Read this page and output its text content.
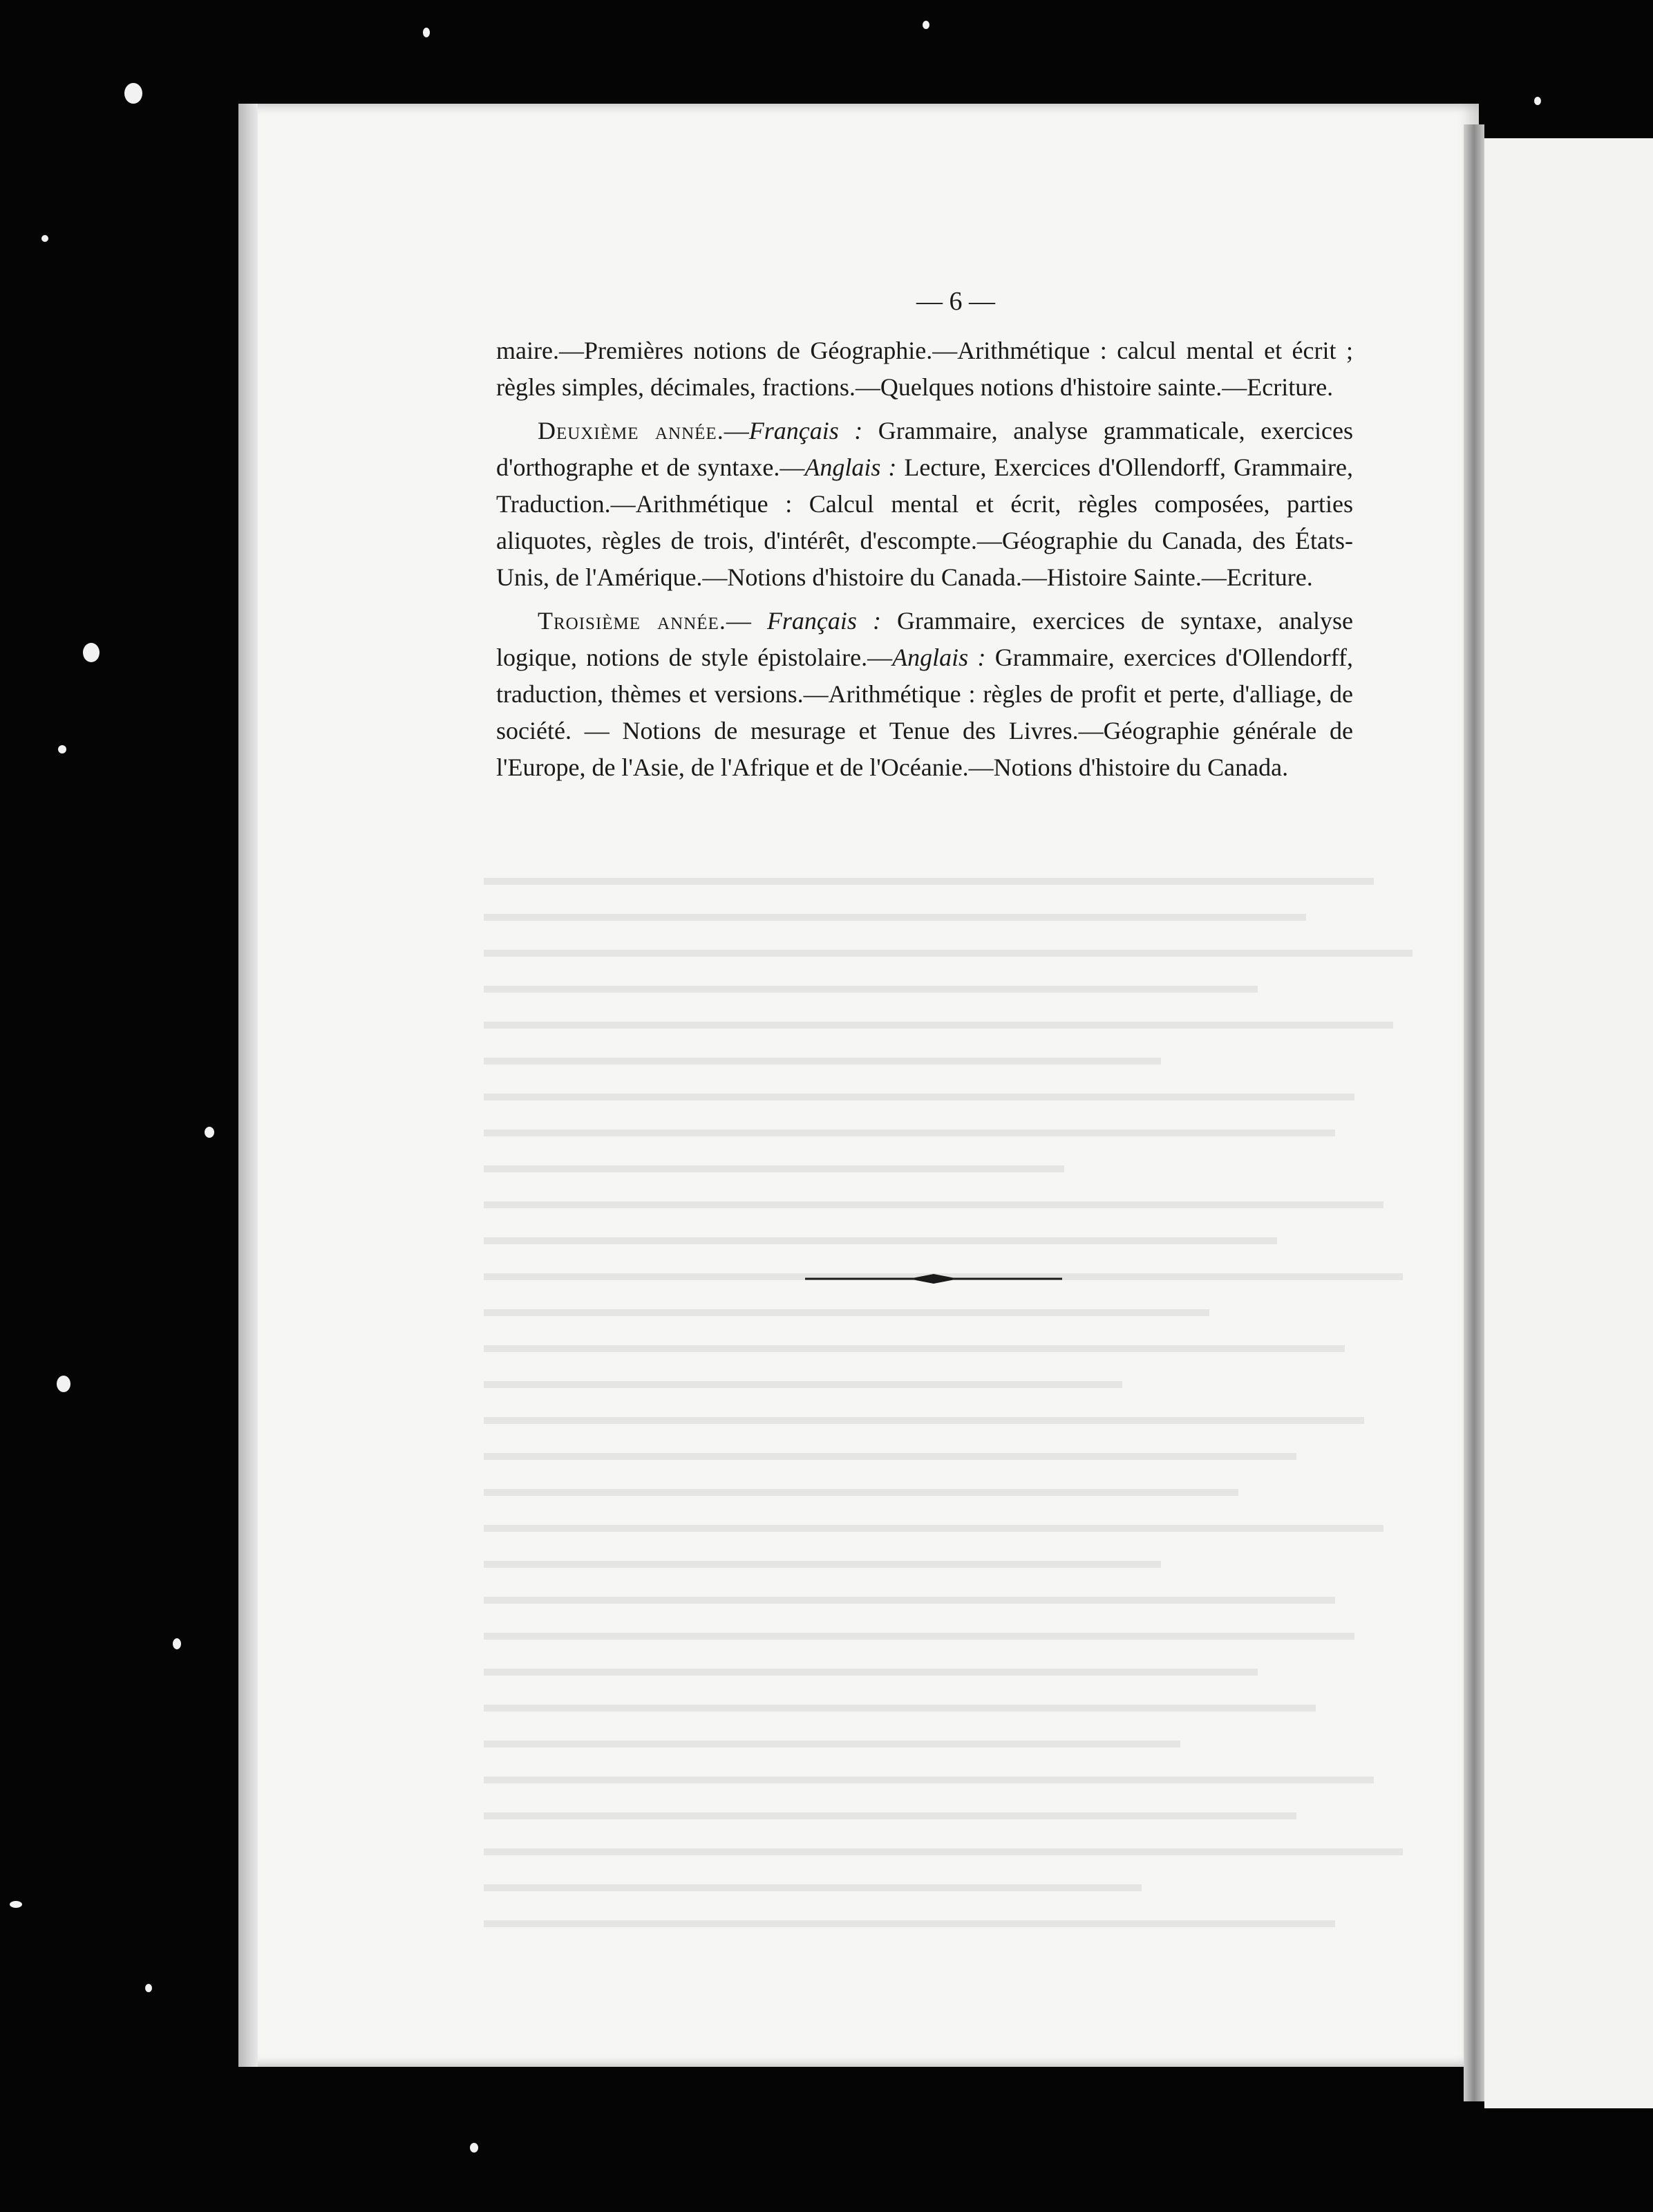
— 6 —

maire.—Premières notions de Géographie.—Arithmétique : calcul mental et écrit ; règles simples, décimales, fractions.—Quelques notions d'histoire sainte.—Ecriture.

Deuxième année.—Français : Grammaire, analyse grammaticale, exercices d'orthographe et de syntaxe.—Anglais : Lecture, Exercices d'Ollendorff, Grammaire, Traduction.—Arithmétique : Calcul mental et écrit, règles composées, parties aliquotes, règles de trois, d'intérêt, d'escompte.—Géographie du Canada, des États-Unis, de l'Amérique.—Notions d'histoire du Canada.—Histoire Sainte.—Ecriture.

Troisième année.— Français : Grammaire, exercices de syntaxe, analyse logique, notions de style épistolaire.—Anglais : Grammaire, exercices d'Ollendorff, traduction, thèmes et versions.—Arithmétique : règles de profit et perte, d'alliage, de société. — Notions de mesurage et Tenue des Livres.—Géographie générale de l'Europe, de l'Asie, de l'Afrique et de l'Océanie.—Notions d'histoire du Canada.
